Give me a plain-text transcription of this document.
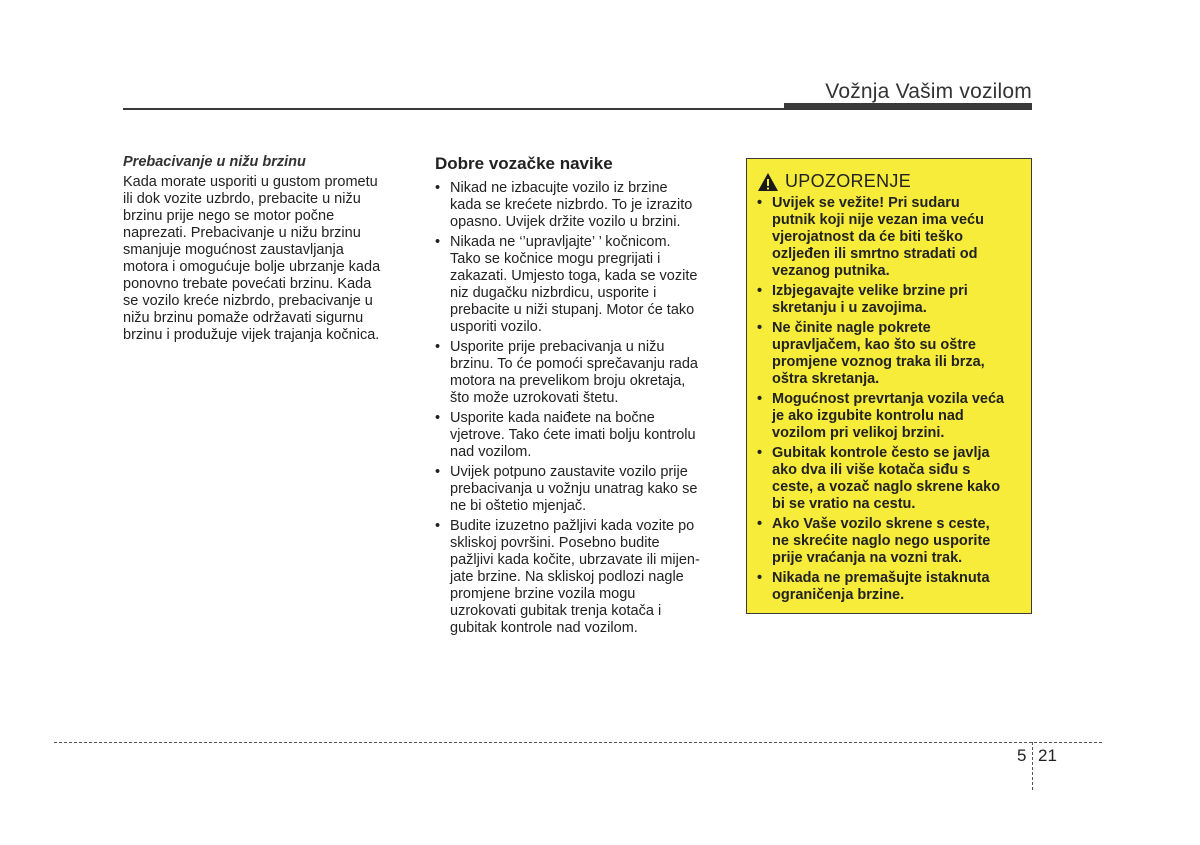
Vožnja Vašim vozilom
Prebacivanje u nižu brzinu
Kada morate usporiti u gustom prometu
ili dok vozite uzbrdo, prebacite u nižu
brzinu prije nego se motor počne
naprezati. Prebacivanje u nižu brzinu
smanjuje mogućnost zaustavljanja
motora i omogućuje bolje ubrzanje kada
ponovno trebate povećati brzinu. Kada
se vozilo kreće nizbrdo, prebacivanje u
nižu brzinu pomaže održavati sigurnu
brzinu i produžuje vijek trajanja kočnica.
Dobre vozačke navike
• Nikad ne izbacujte vozilo iz brzine
kada se krećete nizbrdo. To je izrazito
opasno. Uvijek držite vozilo u brzini.
• Nikada ne ‘’upravljajte’ ’ kočnicom.
Tako se kočnice mogu pregrijati i
zakazati. Umjesto toga, kada se vozite
niz dugačku nizbrdicu, usporite i
prebacite u niži stupanj. Motor će tako
usporiti vozilo.
• Usporite prije prebacivanja u nižu
brzinu. To će pomoći sprečavanju rada
motora na prevelikom broju okretaja,
što može uzrokovati štetu.
• Usporite kada naiđete na bočne
vjetrove. Tako ćete imati bolju kontrolu
nad vozilom.
• Uvijek potpuno zaustavite vozilo prije
prebacivanja u vožnju unatrag kako se
ne bi oštetio mjenjač.
• Budite izuzetno pažljivi kada vozite po
skliskoj površini. Posebno budite
pažljivi kada kočite, ubrzavate ili mijen-
jate brzine. Na skliskoj podlozi nagle
promjene brzine vozila mogu
uzrokovati gubitak trenja kotača i
gubitak kontrole nad vozilom.
UPOZORENJE
• Uvijek se vežite! Pri sudaru
putnik koji nije vezan ima veću
vjerojatnost da će biti teško
ozljeđen ili smrtno stradati od
vezanog putnika.
• Izbjegavajte velike brzine pri
skretanju i u zavojima.
• Ne činite nagle pokrete
upravljačem, kao što su oštre
promjene voznog traka ili brza,
oštra skretanja.
• Mogućnost prevrtanja vozila veća
je ako izgubite kontrolu nad
vozilom pri velikoj brzini.
• Gubitak kontrole često se javlja
ako dva ili više kotača siđu s
ceste, a vozač naglo skrene kako
bi se vratio na cestu.
• Ako Vaše vozilo skrene s ceste,
ne skrećite naglo nego usporite
prije vraćanja na vozni trak.
• Nikada ne premašujte istaknuta
ograničenja brzine.
5 21
